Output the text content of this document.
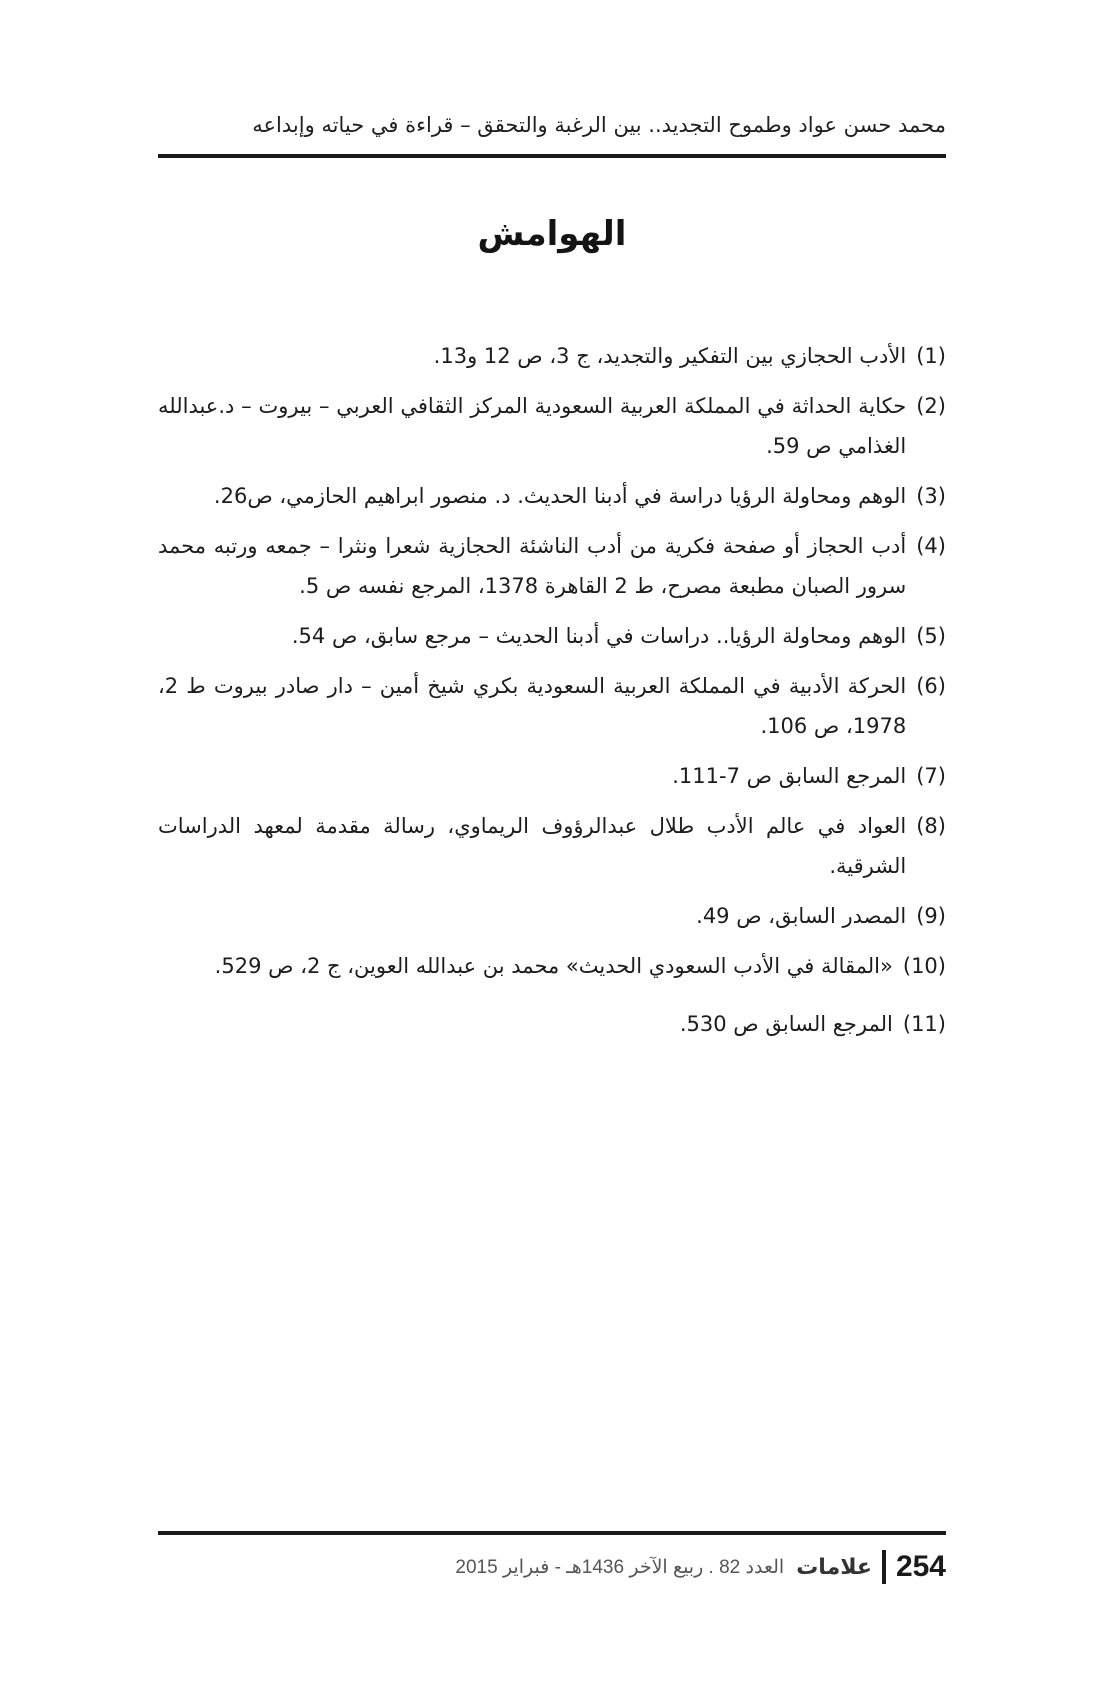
محمد حسن عواد وطموح التجديد.. بين الرغبة والتحقق – قراءة في حياته وإبداعه
الهوامش
(1)
الأدب الحجازي بين التفكير والتجديد، ج 3، ص 12 و13.
(2)
حكاية الحداثة في المملكة العربية السعودية المركز الثقافي العربي – بيروت – د.عبدالله الغذامي ص 59.
(3)
الوهم ومحاولة الرؤيا دراسة في أدبنا الحديث. د. منصور ابراهيم الحازمي، ص26.
(4)
أدب الحجاز أو صفحة فكرية من أدب الناشئة الحجازية شعرا ونثرا – جمعه ورتبه محمد سرور الصبان مطبعة مصرح، ط 2 القاهرة 1378، المرجع نفسه ص 5.
(5)
الوهم ومحاولة الرؤيا.. دراسات في أدبنا الحديث – مرجع سابق، ص 54.
(6)
الحركة الأدبية في المملكة العربية السعودية بكري شيخ أمين – دار صادر بيروت ط 2، 1978، ص 106.
(7)
المرجع السابق ص 7-111.
(8)
العواد في عالم الأدب طلال عبدالرؤوف الريماوي، رسالة مقدمة لمعهد الدراسات الشرقية.
(9)
المصدر السابق، ص 49.
(10)
«المقالة في الأدب السعودي الحديث» محمد بن عبدالله العوين، ج 2، ص 529.
(11)
المرجع السابق ص 530.
العدد 82 . ربيع الآخر 1436هـ - فبراير 2015 علامات 254
